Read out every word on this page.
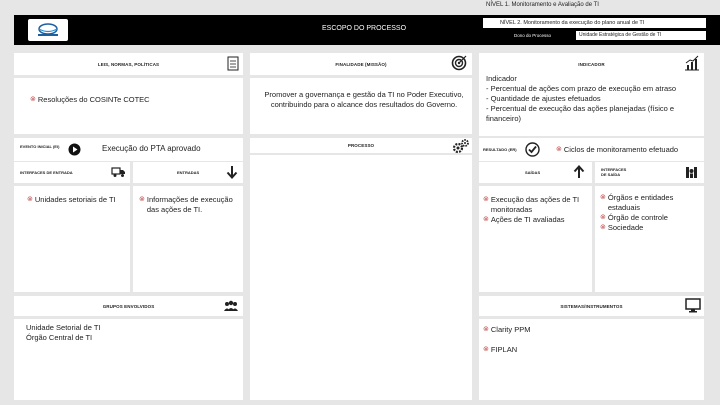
NÍVEL 1. Monitoramento e Avaliação de TI
ESCOPO DO PROCESSO
NÍVEL 2. Monitoramento da execução do plano anual de TI
Dono do Processo	Unidade Estratégica de Gestão de TI
LEIS, NORMAS, POLÍTICAS
⊗ Resoluções do COSINTe COTEC
FINALIDADE (MISSÃO)
Promover a governança e gestão da TI no Poder Executivo, contribuindo para o alcance dos resultados do Governo.
INDICADOR
Indicador
- Percentual de ações com prazo de execução em atraso
- Quantidade de ajustes efetuados
- Percentual de execução das ações planejadas (físico e financeiro)
EVENTO INICIAL (EI)	Execução do PTA aprovado	PROCESSO
RESULTADO (ER)	⊗ Ciclos de monitoramento efetuado
INTERFACES DE ENTRADA	ENTRADAS	SAÍDAS
INTERFACES DE SAÍDA
⊗ Unidades setoriais de TI	⊗ Informações de execução das ações de TI.
⊗ Execução das ações de TI monitoradas
⊗ Ações de TI avaliadas
⊗ Órgãos e entidades estaduais
⊗ Órgão de controle
⊗ Sociedade
GRUPOS ENVOLVIDOS
Unidade Setorial de TI
Órgão Central de TI
SISTEMAS/INSTRUMENTOS
⊗ Clarity PPM
⊗ FIPLAN
